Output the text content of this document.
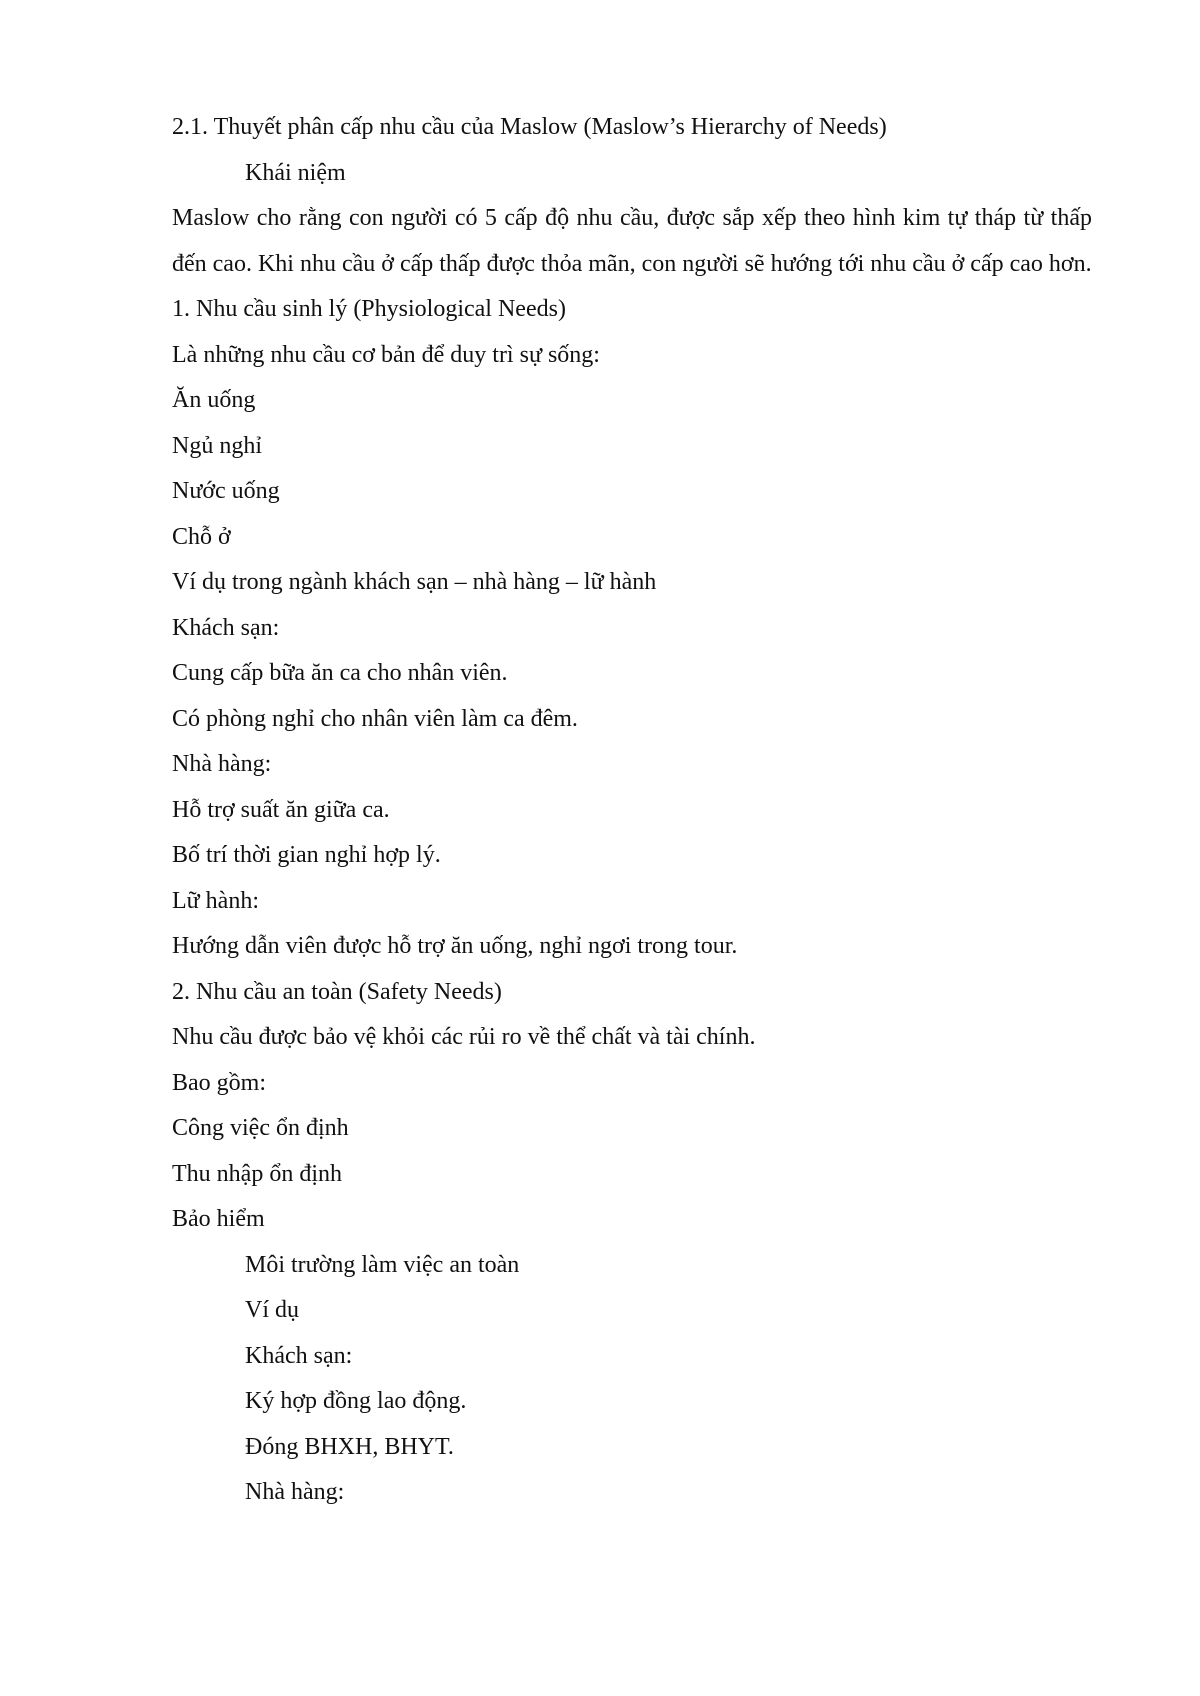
2.1. Thuyết phân cấp nhu cầu của Maslow (Maslow’s Hierarchy of Needs)

Khái niệm

Maslow cho rằng con người có 5 cấp độ nhu cầu, được sắp xếp theo hình kim tự tháp từ thấp đến cao. Khi nhu cầu ở cấp thấp được thỏa mãn, con người sẽ hướng tới nhu cầu ở cấp cao hơn.

1. Nhu cầu sinh lý (Physiological Needs)

Là những nhu cầu cơ bản để duy trì sự sống:

Ăn uống

Ngủ nghỉ

Nước uống

Chỗ ở

Ví dụ trong ngành khách sạn – nhà hàng – lữ hành

Khách sạn:

Cung cấp bữa ăn ca cho nhân viên.

Có phòng nghỉ cho nhân viên làm ca đêm.

Nhà hàng:

Hỗ trợ suất ăn giữa ca.

Bố trí thời gian nghỉ hợp lý.

Lữ hành:

Hướng dẫn viên được hỗ trợ ăn uống, nghỉ ngơi trong tour.

2. Nhu cầu an toàn (Safety Needs)

Nhu cầu được bảo vệ khỏi các rủi ro về thể chất và tài chính.

Bao gồm:

Công việc ổn định

Thu nhập ổn định

Bảo hiểm

Môi trường làm việc an toàn

Ví dụ

Khách sạn:

Ký hợp đồng lao động.

Đóng BHXH, BHYT.

Nhà hàng:
